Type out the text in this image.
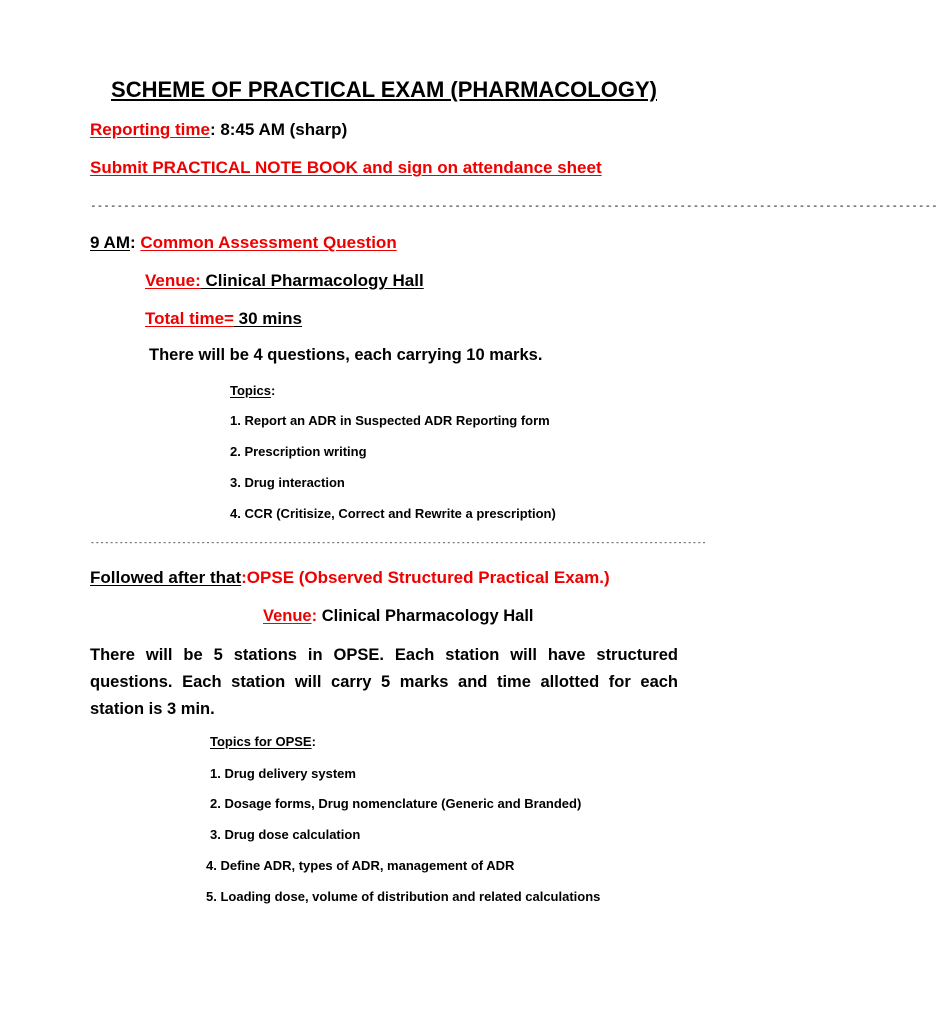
SCHEME OF PRACTICAL EXAM (PHARMACOLOGY)
Reporting time: 8:45 AM (sharp)
Submit PRACTICAL NOTE BOOK and sign on attendance sheet
--------------------------------------------------------------------------------------------------------------------------------
9 AM: Common Assessment Question
Venue: Clinical Pharmacology Hall
Total time= 30 mins
There will be 4 questions, each carrying 10 marks.
Topics:
1. Report an ADR in Suspected ADR Reporting form
2. Prescription writing
3. Drug interaction
4. CCR (Critisize, Correct and Rewrite a prescription)
--------------------------------------------------------------------------------------------------------------------------------
Followed after that:OPSE (Observed Structured Practical Exam.)
Venue: Clinical Pharmacology Hall
There will be 5 stations in OPSE. Each station will have structured questions. Each station will carry 5 marks and time allotted for each station is 3 min.
Topics for OPSE:
1. Drug delivery system
2. Dosage forms, Drug nomenclature (Generic and Branded)
3. Drug dose calculation
4. Define ADR, types of ADR, management of ADR
5. Loading dose, volume of distribution and related calculations
